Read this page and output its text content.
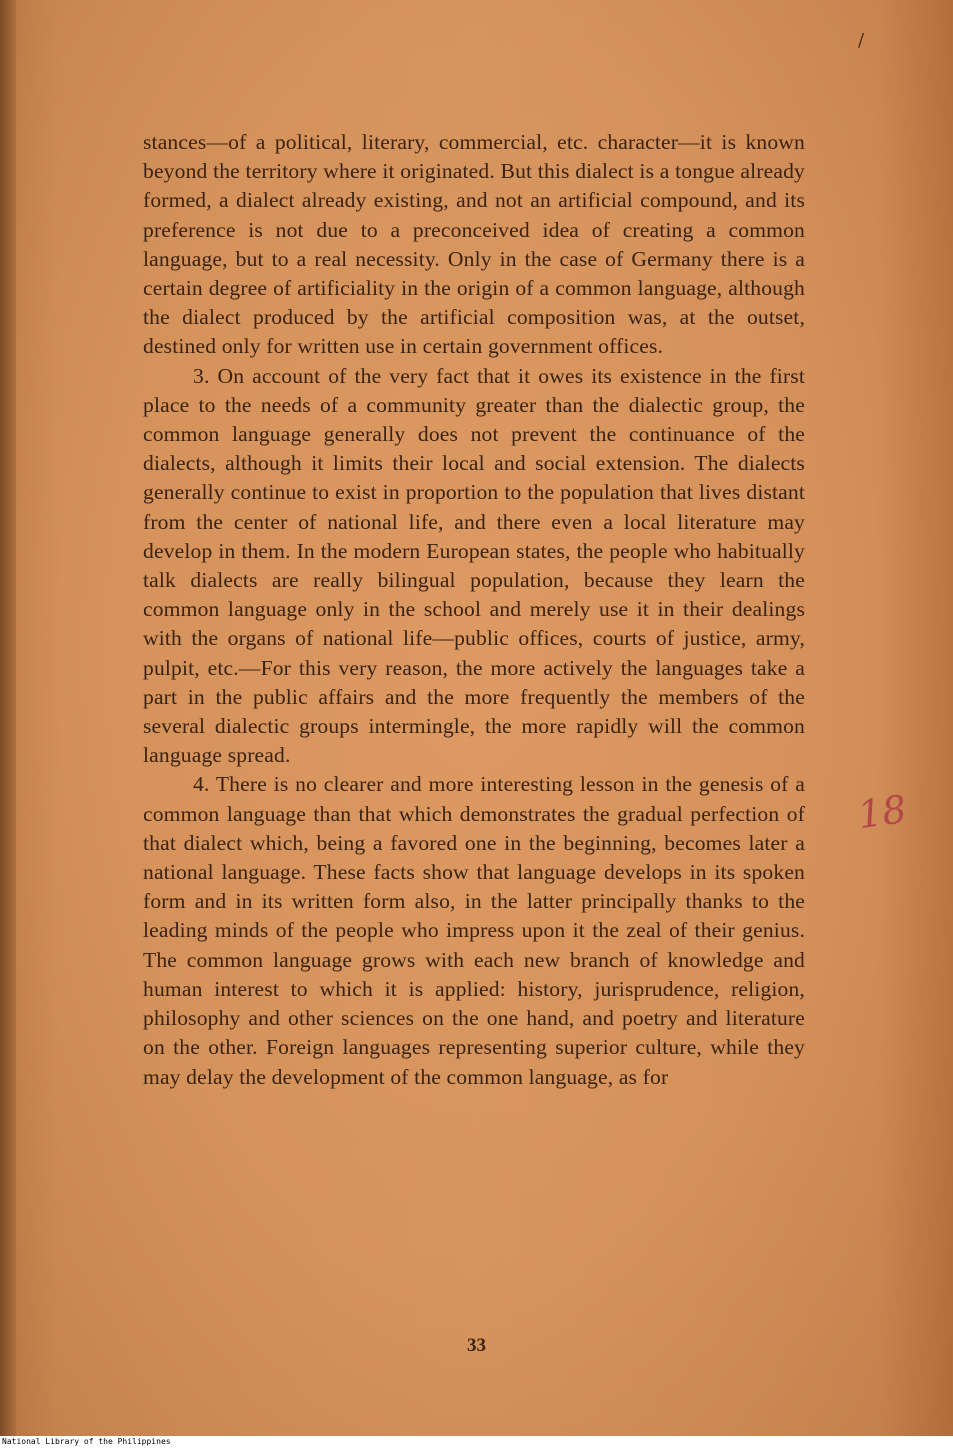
/

stances—of a political, literary, commercial, etc. character—it is known beyond the territory where it originated. But this dialect is a tongue already formed, a dialect already existing, and not an artificial compound, and its preference is not due to a preconceived idea of creating a common language, but to a real necessity. Only in the case of Germany there is a certain degree of artificiality in the origin of a common language, although the dialect produced by the artificial composition was, at the outset, destined only for written use in certain government offices.

3. On account of the very fact that it owes its existence in the first place to the needs of a community greater than the dialectic group, the common language generally does not prevent the continuance of the dialects, although it limits their local and social extension. The dialects generally continue to exist in proportion to the population that lives distant from the center of national life, and there even a local literature may develop in them. In the modern European states, the people who habitually talk dialects are really bilingual population, because they learn the common language only in the school and merely use it in their dealings with the organs of national life—public offices, courts of justice, army, pulpit, etc.—For this very reason, the more actively the languages take a part in the public affairs and the more frequently the members of the several dialectic groups intermingle, the more rapidly will the common language spread.

4. There is no clearer and more interesting lesson in the genesis of a common language than that which demonstrates the gradual perfection of that dialect which, being a favored one in the beginning, becomes later a national language. These facts show that language develops in its spoken form and in its written form also, in the latter principally thanks to the leading minds of the people who impress upon it the zeal of their genius. The common language grows with each new branch of knowledge and human interest to which it is applied: history, jurisprudence, religion, philosophy and other sciences on the one hand, and poetry and literature on the other. Foreign languages representing superior culture, while they may delay the development of the common language, as for

18
33
National Library of the Philippines
